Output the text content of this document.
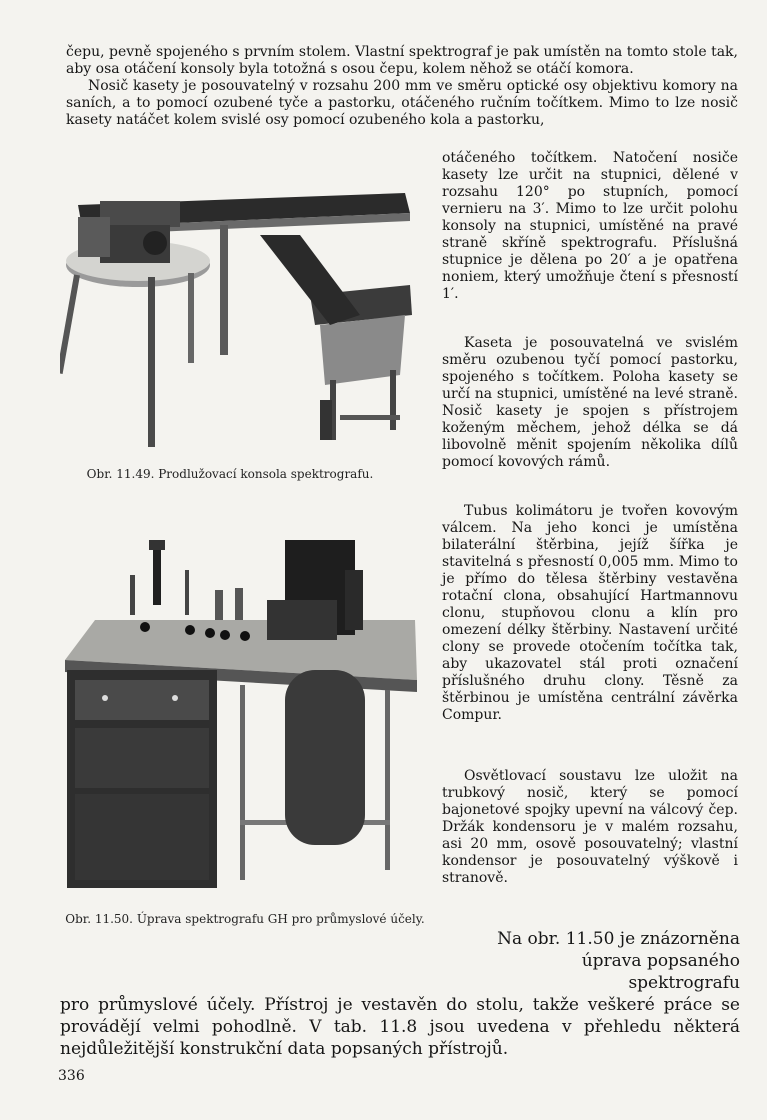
čepu, pevně spojeného s prvním stolem. Vlastní spektrograf je pak umístěn na tomto stole tak, aby osa otáčení konsoly byla totožná s osou čepu, kolem něhož se otáčí komora.

Nosič kasety je posouvatelný v rozsahu 200 mm ve směru optické osy objektivu komory na saních, a to pomocí ozubené tyče a pastorku, otáčeného ručním točítkem. Mimo to lze nosič kasety natáčet kolem svislé osy pomocí ozubeného kola a pastorku,

otáčeného točítkem. Natočení nosiče kasety lze určit na stupnici, dělené v rozsahu 120° po stupních, pomocí vernieru na 3′. Mimo to lze určit polohu konsoly na stupnici, umístěné na pravé straně skříně spektrografu. Příslušná stupnice je dělena po 20′ a je opatřena noniem, který umožňuje čtení s přesností 1′.

Kaseta je posouvatelná ve svislém směru ozubenou tyčí pomocí pastorku, spojeného s točítkem. Poloha kasety se určí na stupnici, umístěné na levé straně. Nosič kasety je spojen s přístrojem koženým měchem, jehož délka se dá libovolně měnit spojením několika dílů pomocí kovových rámů.

Tubus kolimátoru je tvořen kovovým válcem. Na jeho konci je umístěna bilaterální štěrbina, jejíž šířka je stavitelná s přesností 0,005 mm. Mimo to je přímo do tělesa štěrbiny vestavěna rotační clona, obsahující Hartmannovu clonu, stupňovou clonu a klín pro omezení délky štěrbiny. Nastavení určité clony se provede otočením točítka tak, aby ukazovatel stál proti označení příslušného druhu clony. Těsně za štěrbinou je umístěna centrální závěrka Compur.

Osvětlovací soustavu lze uložit na trubkový nosič, který se pomocí bajonetové spojky upevní na válcový čep. Držák kondensoru je v malém rozsahu, asi 20 mm, osově posouvatelný; vlastní kondensor je posouvatelný výškově i stranově.

Obr. 11.49. Prodlužovací konsola spektrografu.
Obr. 11.50. Úprava spektrografu GH pro průmyslové účely.

Na obr. 11.50 je znázorněna úprava popsaného spektrografu
pro průmyslové účely. Přístroj je vestavěn do stolu, takže veškeré práce se provádějí velmi pohodlně. V tab. 11.8 jsou uvedena v přehledu některá nejdůležitější konstrukční data popsaných přístrojů.

336
